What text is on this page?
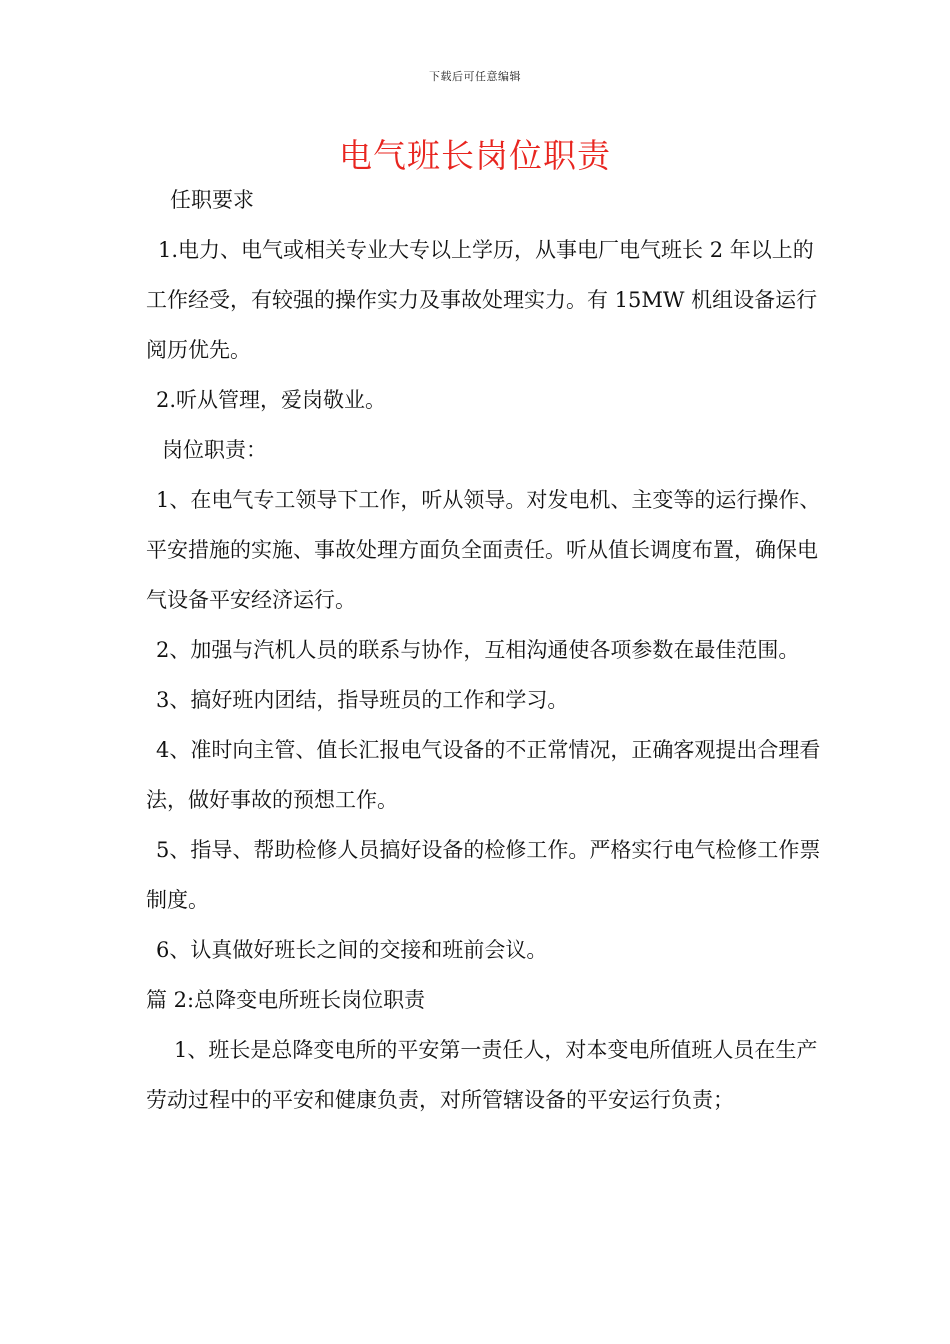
下载后可任意编辑
电气班长岗位职责

任职要求

1.电力、电气或相关专业大专以上学历，从事电厂电气班长 2 年以上的工作经受，有较强的操作实力及事故处理实力。有 15MW 机组设备运行阅历优先。

2.听从管理，爱岗敬业。

岗位职责：

1、在电气专工领导下工作，听从领导。对发电机、主变等的运行操作、平安措施的实施、事故处理方面负全面责任。听从值长调度布置，确保电气设备平安经济运行。

2、加强与汽机人员的联系与协作，互相沟通使各项参数在最佳范围。

3、搞好班内团结，指导班员的工作和学习。

4、准时向主管、值长汇报电气设备的不正常情况，正确客观提出合理看法，做好事故的预想工作。

5、指导、帮助检修人员搞好设备的检修工作。严格实行电气检修工作票制度。

6、认真做好班长之间的交接和班前会议。

篇 2:总降变电所班长岗位职责

1、班长是总降变电所的平安第一责任人，对本变电所值班人员在生产劳动过程中的平安和健康负责，对所管辖设备的平安运行负责；
